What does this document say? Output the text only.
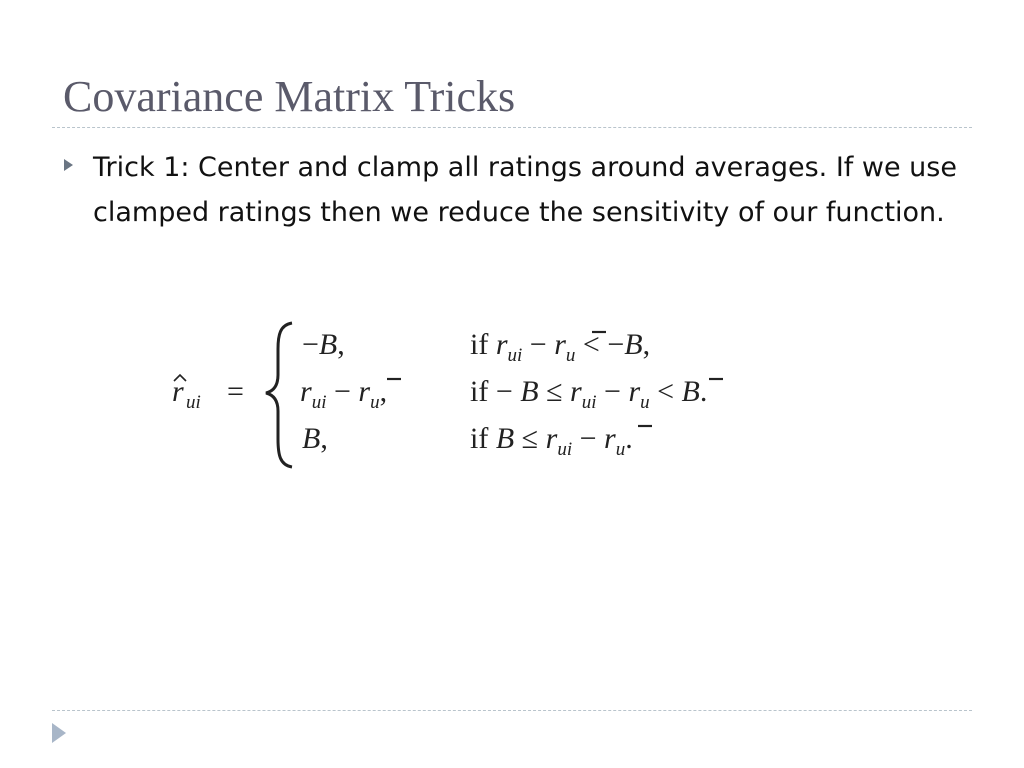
Covariance Matrix Tricks

Trick 1: Center and clamp all ratings around averages. If we use clamped ratings then we reduce the sensitivity of our function.

r ui =
−B,	if $r_{ui} - r_u < -B$,
$r_{ui} - r_u$,	if − $B \le r_{ui} - r_u < B$.
B,	if $B \le r_{ui} - r_u$.
